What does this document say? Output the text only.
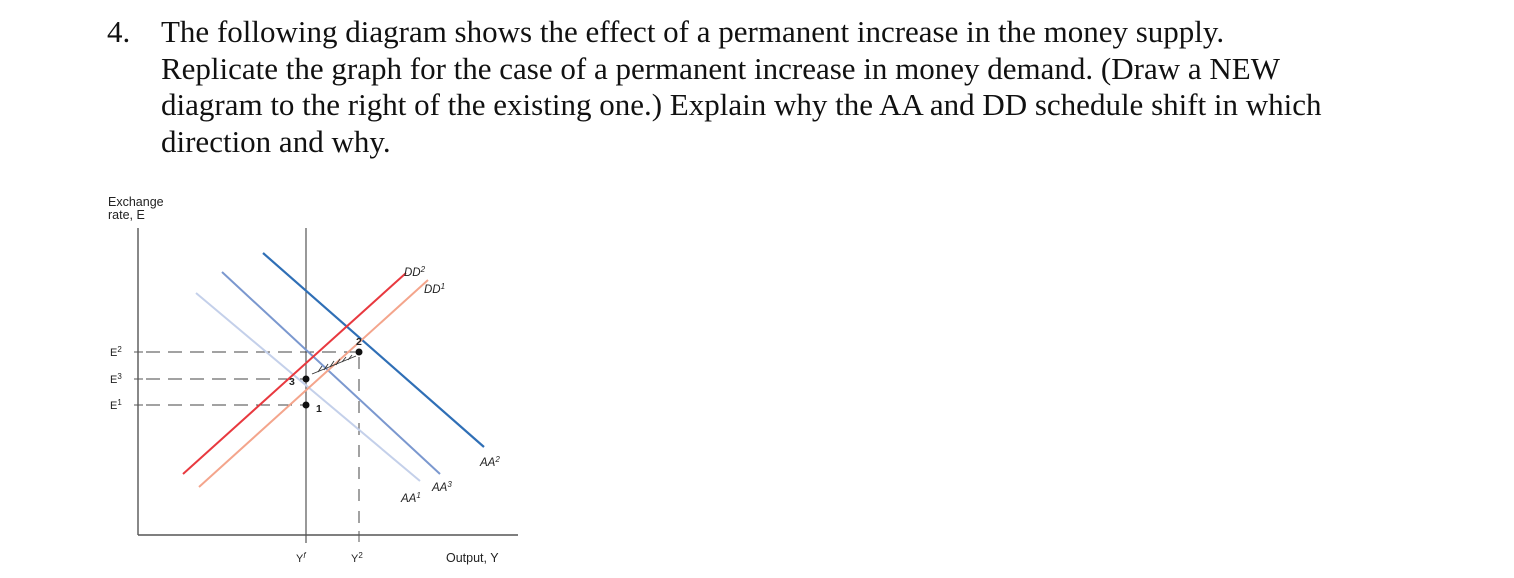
4. The following diagram shows the effect of a permanent increase in the money supply.
Replicate the graph for the case of a permanent increase in money demand. (Draw a NEW
diagram to the right of the existing one.) Explain why the AA and DD schedule shift in which
direction and why.
1
2
3
Exchange rate, E
$E^2$
$E^3$
$E^1$
$Y^f$	$Y^2$	Output, Y
$DD^2$
$DD^1$
$AA^2$
$AA^1$
$AA^3$
